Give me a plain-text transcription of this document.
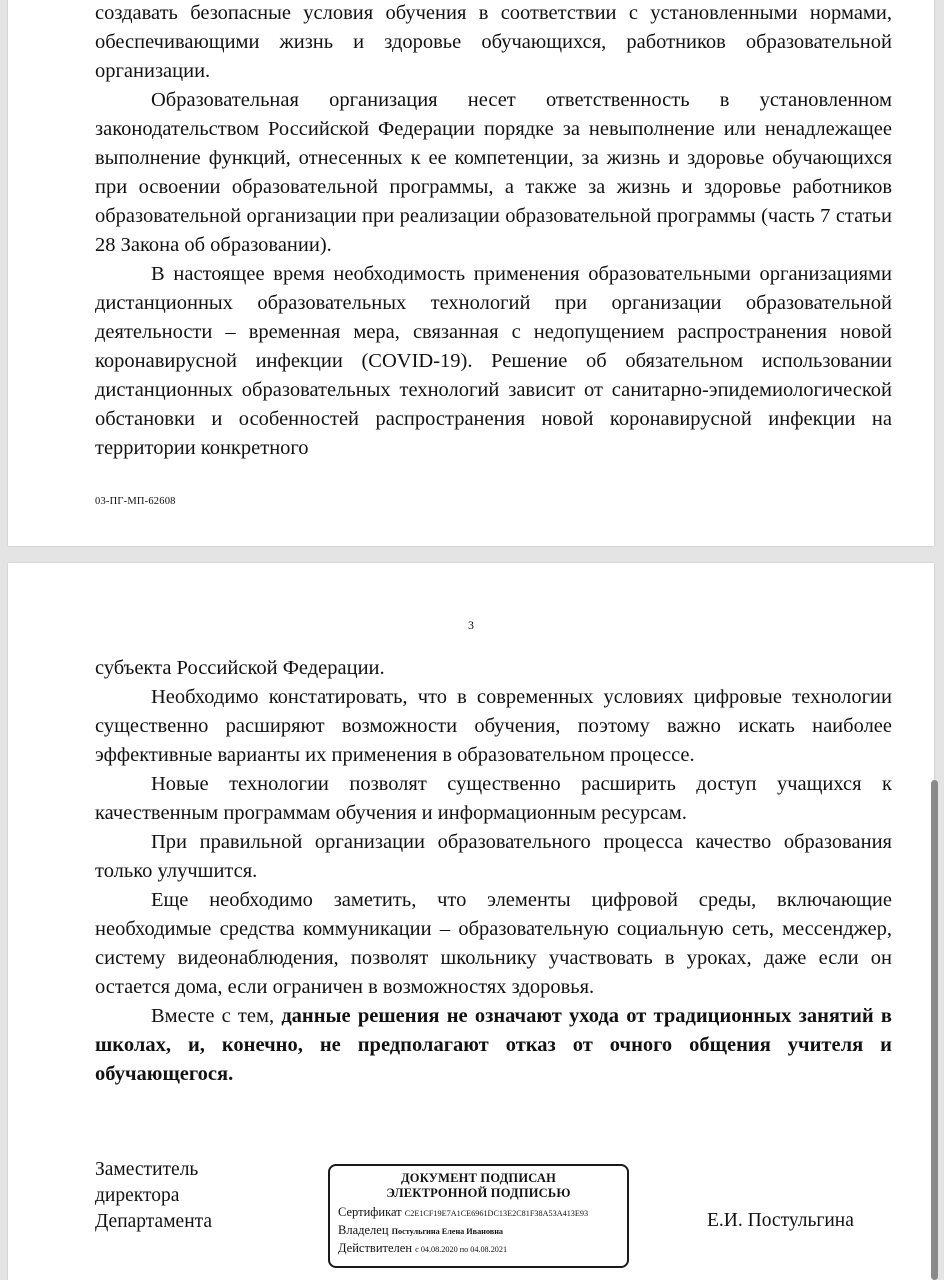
создавать безопасные условия обучения в соответствии с установленными нормами, обеспечивающими жизнь и здоровье обучающихся, работников образовательной организации.

Образовательная организация несет ответственность в установленном законодательством Российской Федерации порядке за невыполнение или ненадлежащее выполнение функций, отнесенных к ее компетенции, за жизнь и здоровье обучающихся при освоении образовательной программы, а также за жизнь и здоровье работников образовательной организации при реализации образовательной программы (часть 7 статьи 28 Закона об образовании).

В настоящее время необходимость применения образовательными организациями дистанционных образовательных технологий при организации образовательной деятельности – временная мера, связанная с недопущением распространения новой коронавирусной инфекции (COVID-19). Решение об обязательном использовании дистанционных образовательных технологий зависит от санитарно-эпидемиологической обстановки и особенностей распространения новой коронавирусной инфекции на территории конкретного

03-ПГ-МП-62608
3

субъекта Российской Федерации.

Необходимо констатировать, что в современных условиях цифровые технологии существенно расширяют возможности обучения, поэтому важно искать наиболее эффективные варианты их применения в образовательном процессе.

Новые технологии позволят существенно расширить доступ учащихся к качественным программам обучения и информационным ресурсам.

При правильной организации образовательного процесса качество образования только улучшится.

Еще необходимо заметить, что элементы цифровой среды, включающие необходимые средства коммуникации – образовательную социальную сеть, мессенджер, систему видеонаблюдения, позволят школьнику участвовать в уроках, даже если он остается дома, если ограничен в возможностях здоровья.

Вместе с тем, данные решения не означают ухода от традиционных занятий в школах, и, конечно, не предполагают отказ от очного общения учителя и обучающегося.

Заместитель
директора
Департамента
ДОКУМЕНТ ПОДПИСАН
ЭЛЕКТРОННОЙ ПОДПИСЬЮ
Сертификат C2E1CF19E7A1CE6961DC13E2C81F38A53A413E93
Владелец Постульгина Елена Ивановна
Действителен с 04.08.2020 по 04.08.2021
Е.И. Постульгина
